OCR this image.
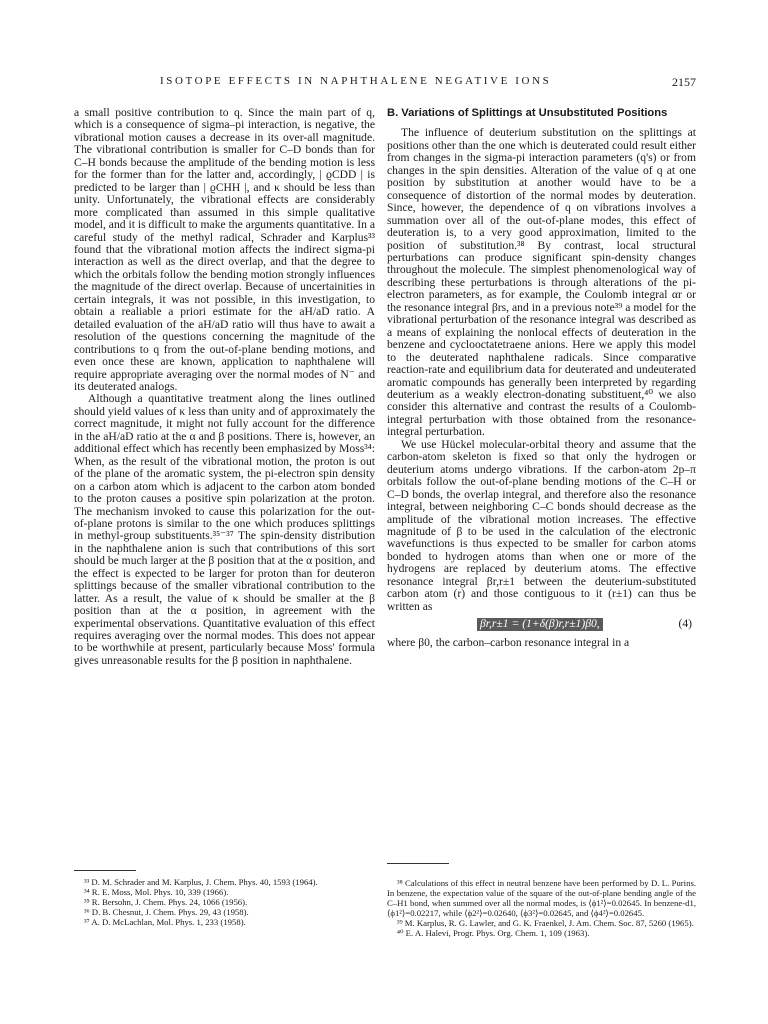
ISOTOPE EFFECTS IN NAPHTHALENE NEGATIVE IONS	2157

a small positive contribution to q. Since the main part of q, which is a consequence of sigma–pi interaction, is negative, the vibrational motion causes a decrease in its over-all magnitude. The vibrational contribution is smaller for C–D bonds than for C–H bonds because the amplitude of the bending motion is less for the former than for the latter and, accordingly, | ϱCDD | is predicted to be larger than | ϱCHH |, and κ should be less than unity. Unfortunately, the vibrational effects are considerably more complicated than assumed in this simple qualitative model, and it is difficult to make the arguments quantitative. In a careful study of the methyl radical, Schrader and Karplus³³ found that the vibrational motion affects the indirect sigma-pi interaction as well as the direct overlap, and that the degree to which the orbitals follow the bending motion strongly influences the magnitude of the direct overlap. Because of uncertainities in certain integrals, it was not possible, in this investigation, to obtain a realiable a priori estimate for the aH/aD ratio. A detailed evaluation of the aH/aD ratio will thus have to await a resolution of the questions concerning the magnitude of the contributions to q from the out-of-plane bending motions, and even once these are known, application to naphthalene will require appropriate averaging over the normal modes of N⁻ and its deuterated analogs.

Although a quantitative treatment along the lines outlined should yield values of κ less than unity and of approximately the correct magnitude, it might not fully account for the difference in the aH/aD ratio at the α and β positions. There is, however, an additional effect which has recently been emphasized by Moss³⁴: When, as the result of the vibrational motion, the proton is out of the plane of the aromatic system, the pi-electron spin density on a carbon atom which is adjacent to the carbon atom bonded to the proton causes a positive spin polarization at the proton. The mechanism invoked to cause this polarization for the out-of-plane protons is similar to the one which produces splittings in methyl-group substituents.³⁵⁻³⁷ The spin-density distribution in the naphthalene anion is such that contributions of this sort should be much larger at the β position that at the α position, and the effect is expected to be larger for proton than for deuteron splittings because of the smaller vibrational contribution to the latter. As a result, the value of κ should be smaller at the β position than at the α position, in agreement with the experimental observations. Quantitative evaluation of this effect requires averaging over the normal modes. This does not appear to be worthwhile at present, particularly because Moss' formula gives unreasonable results for the β position in naphthalene.

B. Variations of Splittings at Unsubstituted Positions

The influence of deuterium substitution on the splittings at positions other than the one which is deuterated could result either from changes in the sigma-pi interaction parameters (q's) or from changes in the spin densities. Alteration of the value of q at one position by substitution at another would have to be a consequence of distortion of the normal modes by deuteration. Since, however, the dependence of q on vibrations involves a summation over all of the out-of-plane modes, this effect of deuteration is, to a very good approximation, limited to the position of substitution.³⁸ By contrast, local structural perturbations can produce significant spin-density changes throughout the molecule. The simplest phenomenological way of describing these perturbations is through alterations of the pi-electron parameters, as for example, the Coulomb integral αr or the resonance integral βrs, and in a previous note³⁹ a model for the vibrational perturbation of the resonance integral was described as a means of explaining the nonlocal effects of deuteration in the benzene and cyclooctatetraene anions. Here we apply this model to the deuterated naphthalene radicals. Since comparative reaction-rate and equilibrium data for deuterated and undeuterated aromatic compounds has generally been interpreted by regarding deuterium as a weakly electron-donating substituent,⁴⁰ we also consider this alternative and contrast the results of a Coulomb-integral perturbation with those obtained from the resonance-integral perturbation.

We use Hückel molecular-orbital theory and assume that the carbon-atom skeleton is fixed so that only the hydrogen or deuterium atoms undergo vibrations. If the carbon-atom 2p–π orbitals follow the out-of-plane bending motions of the C–H or C–D bonds, the overlap integral, and therefore also the resonance integral, between neighboring C–C bonds should decrease as the amplitude of the vibrational motion increases. The effective magnitude of β to be used in the calculation of the electronic wavefunctions is thus expected to be smaller for carbon atoms bonded to hydrogen atoms than when one or more of the hydrogens are replaced by deuterium atoms. The effective resonance integral βr,r±1 between the deuterium-substituted carbon atom (r) and those contiguous to it (r±1) can thus be written as

βr,r±1 = (1+δ(β)r,r±1)β0,	(4)

where β0, the carbon–carbon resonance integral in a

³³ D. M. Schrader and M. Karplus, J. Chem. Phys. 40, 1593 (1964).

³⁴ R. E. Moss, Mol. Phys. 10, 339 (1966).

³⁵ R. Bersohn, J. Chem. Phys. 24, 1066 (1956).

³⁶ D. B. Chesnut, J. Chem. Phys. 29, 43 (1958).

³⁷ A. D. McLachlan, Mol. Phys. 1, 233 (1958).

³⁸ Calculations of this effect in neutral benzene have been performed by D. L. Purins. In benzene, the expectation value of the square of the out-of-plane bending angle of the C–H1 bond, when summed over all the normal modes, is ⟨ϕ1²⟩=0.02645. In benzene-d1, ⟨ϕ1²⟩=0.02217, while ⟨ϕ2²⟩=0.02640, ⟨ϕ3²⟩=0.02645, and ⟨ϕ4²⟩=0.02645.

³⁹ M. Karplus, R. G. Lawler, and G. K. Fraenkel, J. Am. Chem. Soc. 87, 5260 (1965).

⁴⁰ E. A. Halevi, Progr. Phys. Org. Chem. 1, 109 (1963).
